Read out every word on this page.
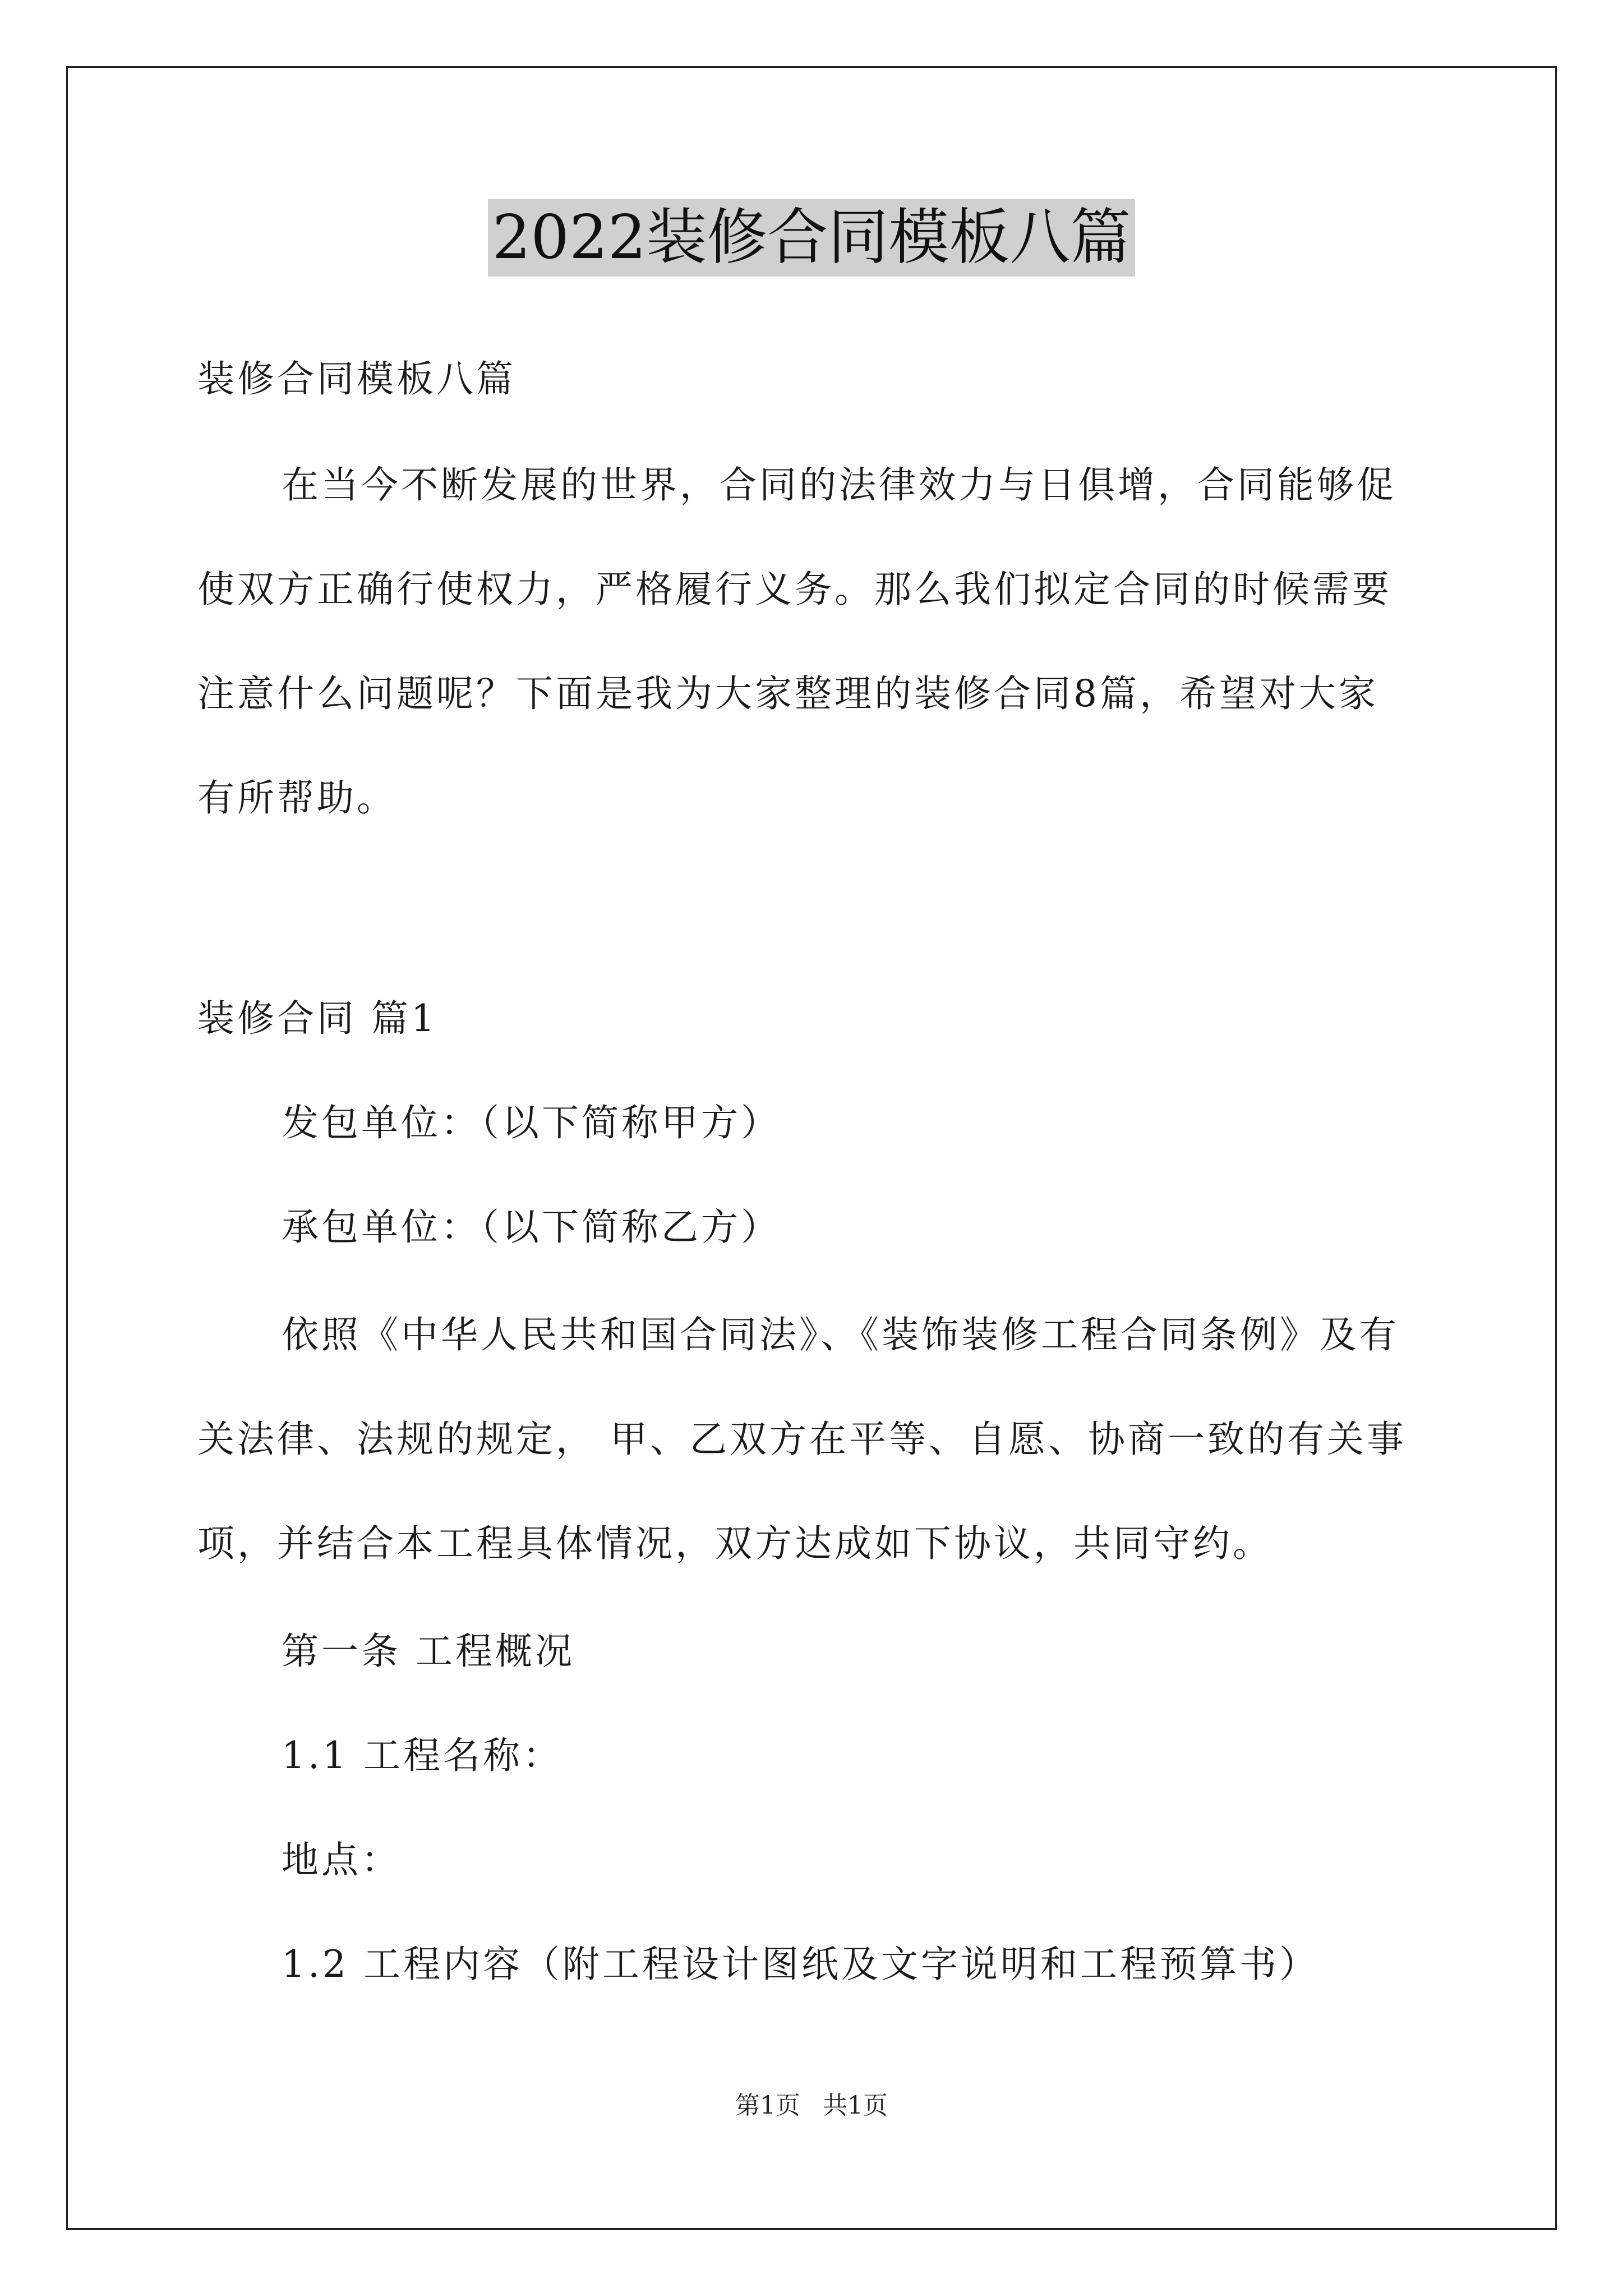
2022装修合同模板八篇
装修合同模板八篇
在当今不断发展的世界，合同的法律效力与日俱增，合同能够促
使双方正确行使权力，严格履行义务。那么我们拟定合同的时候需要
注意什么问题呢？下面是我为大家整理的装修合同8篇，希望对大家
有所帮助。
装修合同 篇1
发包单位：（以下简称甲方）
承包单位：（以下简称乙方）
依照《中华人民共和国合同法》、《装饰装修工程合同条例》及有
关法律、法规的规定， 甲、乙双方在平等、自愿、协商一致的有关事
项，并结合本工程具体情况，双方达成如下协议，共同守约。
第一条 工程概况
1.1 工程名称：
地点：
1.2 工程内容（附工程设计图纸及文字说明和工程预算书）
第1页 共1页
